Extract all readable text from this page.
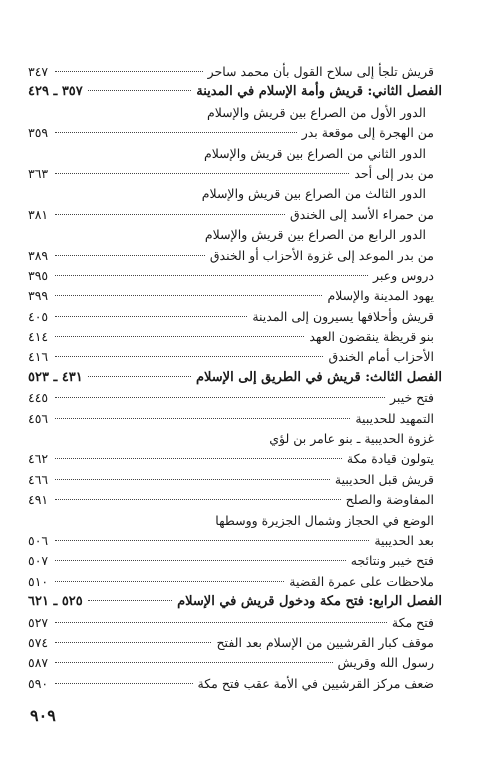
قريش تلجأ إلى سلاح القول بأن محمد ساحر
٣٤٧
الفصل الثاني: قريش وأمة الإسلام في المدينة
٣٥٧ ـ ٤٢٩
الدور الأول من الصراع بين قريش والإسلام
من الهجرة إلى موقعة بدر
٣٥٩
الدور الثاني من الصراع بين قريش والإسلام
من بدر إلى أحد
٣٦٣
الدور الثالث من الصراع بين قريش والإسلام
من حمراء الأسد إلى الخندق
٣٨١
الدور الرابع من الصراع بين قريش والإسلام
من بدر الموعد إلى غزوة الأحزاب أو الخندق
٣٨٩
دروس وعبر
٣٩٥
يهود المدينة والإسلام
٣٩٩
قريش وأحلافها يسيرون إلى المدينة
٤٠٥
بنو قريظة ينقضون العهد
٤١٤
الأحزاب أمام الخندق
٤١٦
الفصل الثالث: قريش في الطريق إلى الإسلام
٤٣١ ـ ٥٢٣
فتح خيبر
٤٤٥
التمهيد للحديبية
٤٥٦
غزوة الحديبية ـ بنو عامر بن لؤي
يتولون قيادة مكة
٤٦٢
قريش قبل الحديبية
٤٦٦
المفاوضة والصلح
٤٩١
الوضع في الحجاز وشمال الجزيرة ووسطها
بعد الحديبية
٥٠٦
فتح خيبر ونتائجه
٥٠٧
ملاحظات على عمرة القضية
٥١٠
الفصل الرابع: فتح مكة ودخول قريش في الإسلام
٥٢٥ ـ ٦٢١
فتح مكة
٥٢٧
موقف كبار القرشيين من الإسلام بعد الفتح
٥٧٤
رسول الله وقريش
٥٨٧
ضعف مركز القرشيين في الأمة عقب فتح مكة
٥٩٠
٩٠٩
